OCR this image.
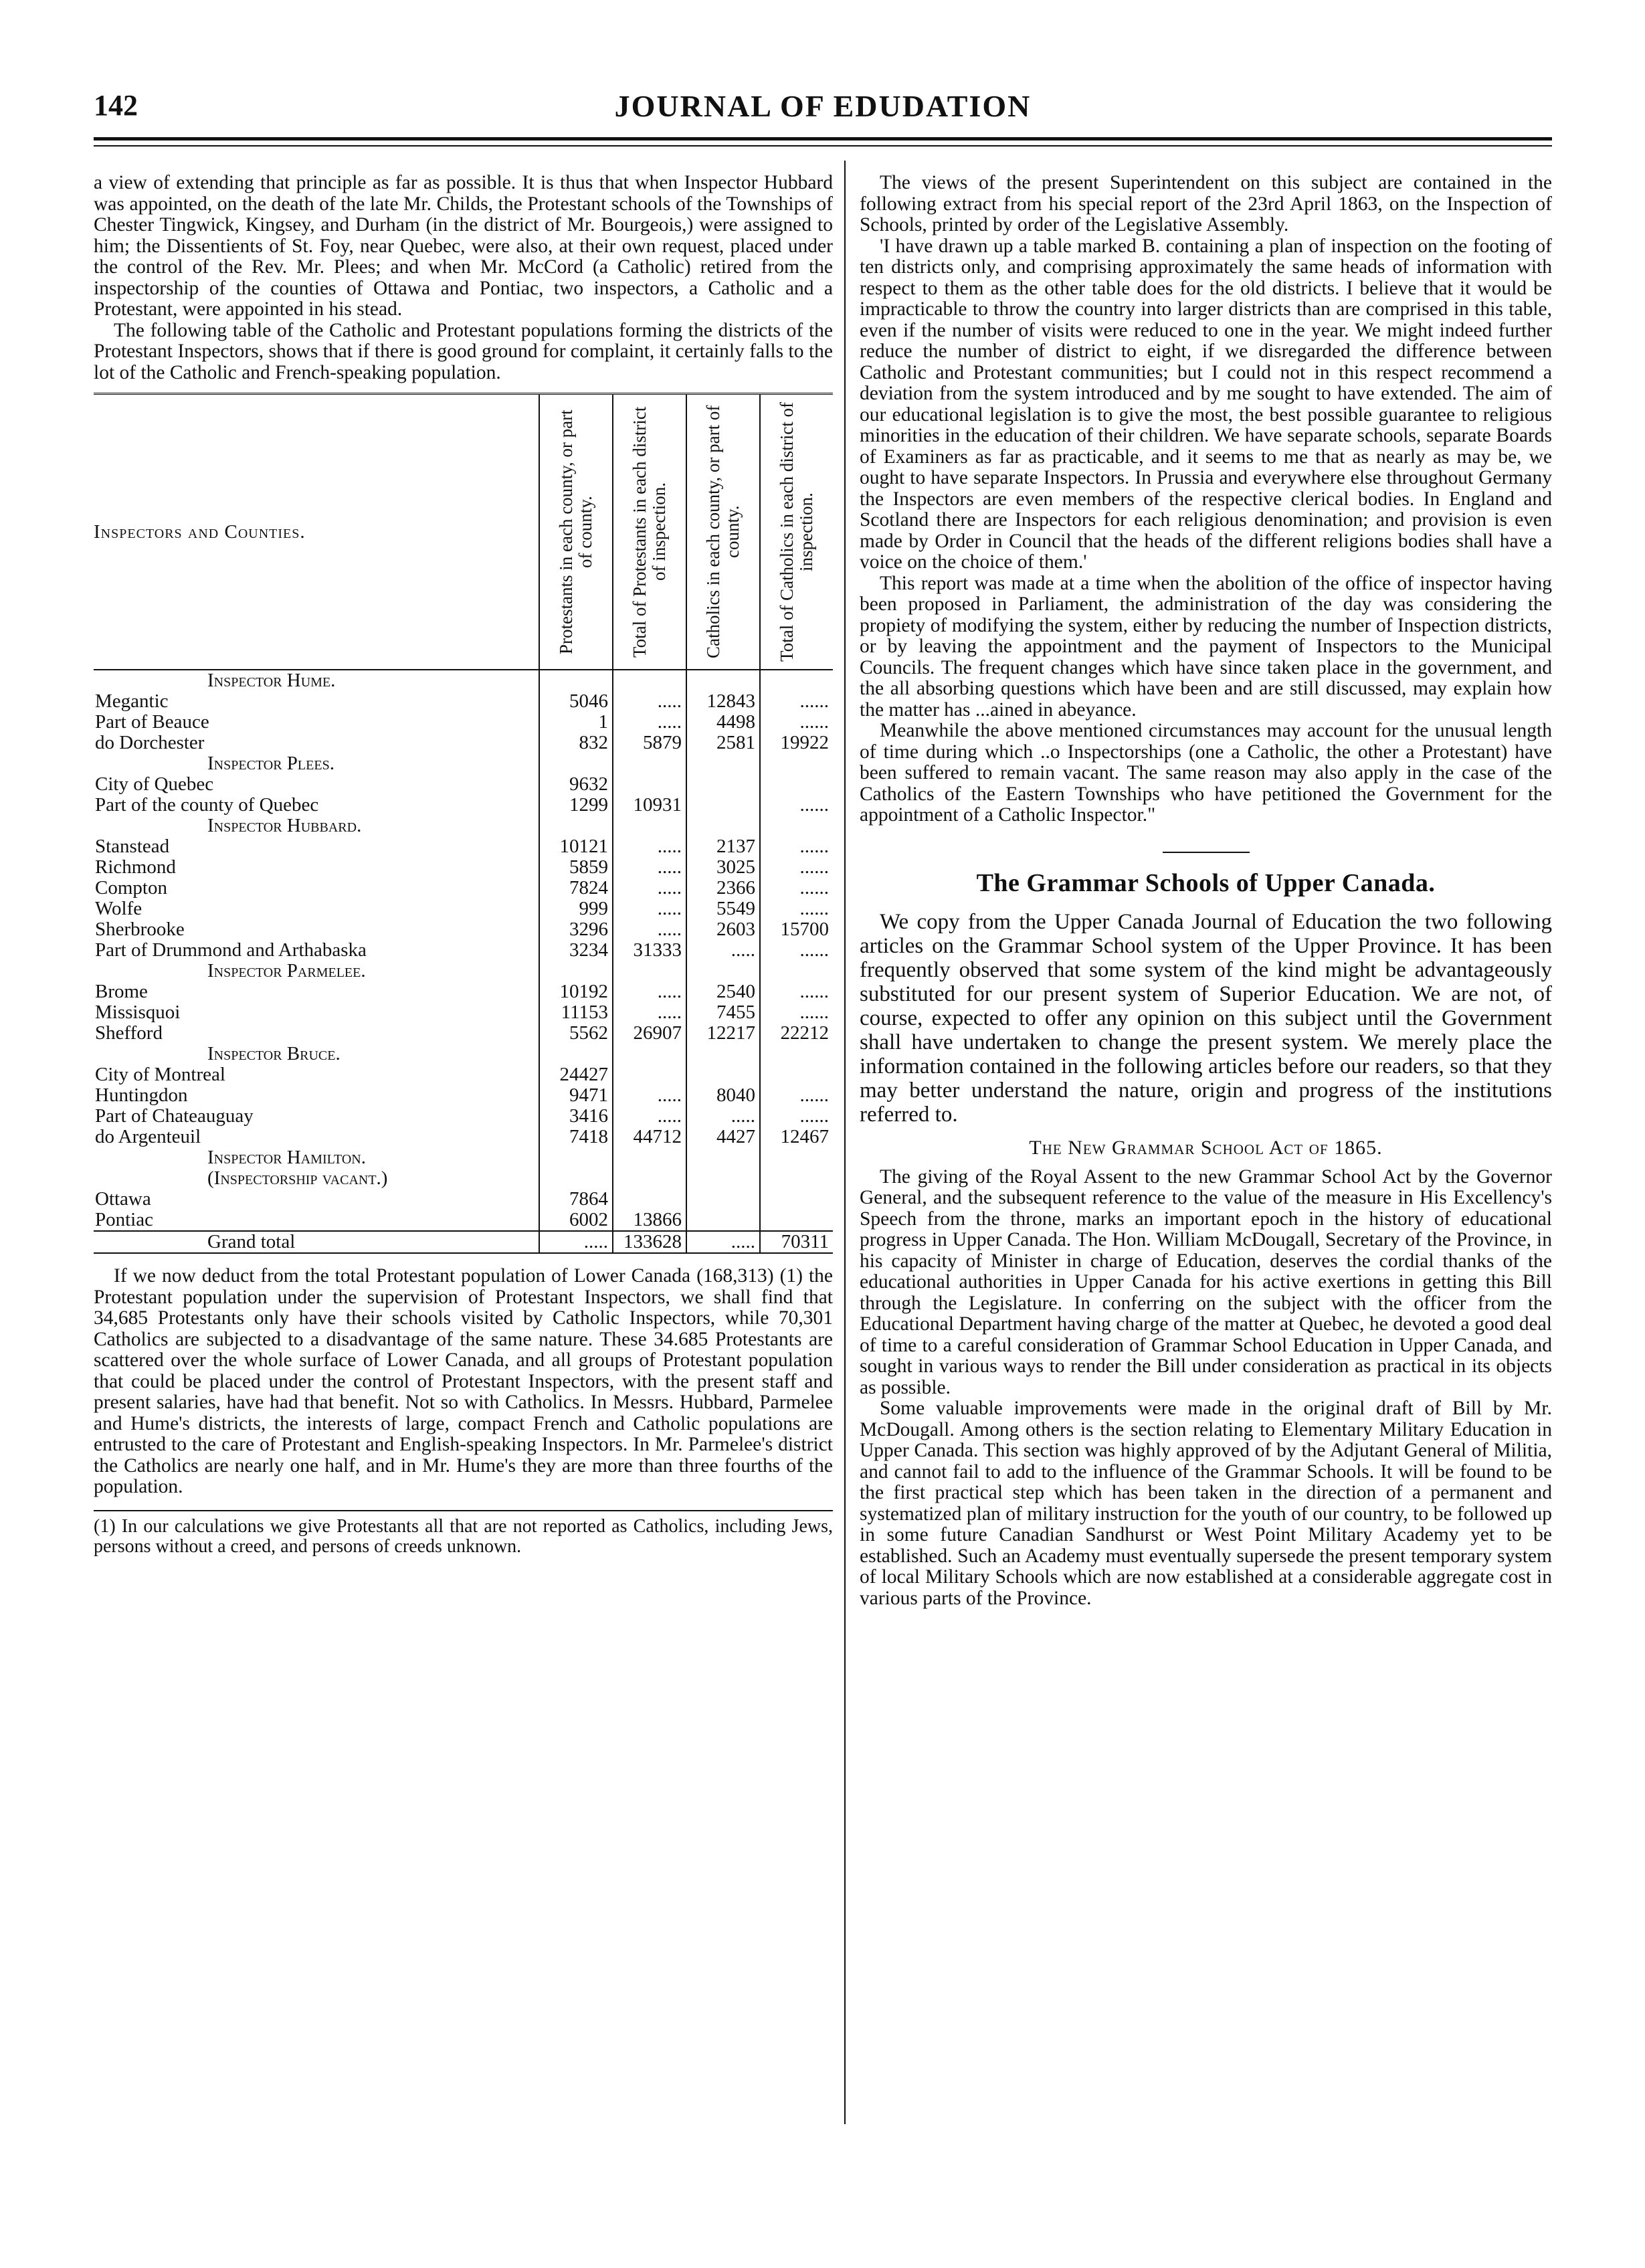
142	JOURNAL OF EDUDATION

a view of extending that principle as far as possible. It is thus that when Inspector Hubbard was appointed, on the death of the late Mr. Childs, the Protestant schools of the Townships of Chester Tingwick, Kingsey, and Durham (in the district of Mr. Bourgeois,) were assigned to him; the Dissentients of St. Foy, near Quebec, were also, at their own request, placed under the control of the Rev. Mr. Plees; and when Mr. McCord (a Catholic) retired from the inspectorship of the counties of Ottawa and Pontiac, two inspectors, a Catholic and a Protestant, were appointed in his stead.

The following table of the Catholic and Protestant populations forming the districts of the Protestant Inspectors, shows that if there is good ground for complaint, it certainly falls to the lot of the Catholic and French-speaking population.

Inspectors and Counties.	Protestants in each county, or part of county.	Total of Protestants in each district of inspection.	Catholics in each county, or part of county.	Total of Catholics in each district of inspection.

Inspector Hume.				
Megantic	5046	.....	12843	......
Part of Beauce	1	.....	4498	......
do Dorchester	832	5879	2581	19922
Inspector Plees.				
City of Quebec	9632			
Part of the county of Quebec	1299	10931		......
Inspector Hubbard.				
Stanstead	10121	.....	2137	......
Richmond	5859	.....	3025	......
Compton	7824	.....	2366	......
Wolfe	999	.....	5549	......
Sherbrooke	3296	.....	2603	15700
Part of Drummond and Arthabaska	3234	31333	.....	......
Inspector Parmelee.				
Brome	10192	.....	2540	......
Missisquoi	11153	.....	7455	......
Shefford	5562	26907	12217	22212
Inspector Bruce.				
City of Montreal	24427			
Huntingdon	9471	.....	8040	......
Part of Chateauguay	3416	.....	.....	......
do Argenteuil	7418	44712	4427	12467
Inspector Hamilton.				
(Inspectorship vacant.)				
Ottawa	7864			
Pontiac	6002	13866		
Grand total	.....	133628	.....	70311

If we now deduct from the total Protestant population of Lower Canada (168,313) (1) the Protestant population under the supervision of Protestant Inspectors, we shall find that 34,685 Protestants only have their schools visited by Catholic Inspectors, while 70,301 Catholics are subjected to a disadvantage of the same nature. These 34.685 Protestants are scattered over the whole surface of Lower Canada, and all groups of Protestant population that could be placed under the control of Protestant Inspectors, with the present staff and present salaries, have had that benefit. Not so with Catholics. In Messrs. Hubbard, Parmelee and Hume's districts, the interests of large, compact French and Catholic populations are entrusted to the care of Protestant and English-speaking Inspectors. In Mr. Parmelee's district the Catholics are nearly one half, and in Mr. Hume's they are more than three fourths of the population.

(1) In our calculations we give Protestants all that are not reported as Catholics, including Jews, persons without a creed, and persons of creeds unknown.

The views of the present Superintendent on this subject are contained in the following extract from his special report of the 23rd April 1863, on the Inspection of Schools, printed by order of the Legislative Assembly.

'I have drawn up a table marked B. containing a plan of inspection on the footing of ten districts only, and comprising approximately the same heads of information with respect to them as the other table does for the old districts. I believe that it would be impracticable to throw the country into larger districts than are comprised in this table, even if the number of visits were reduced to one in the year. We might indeed further reduce the number of district to eight, if we disregarded the difference between Catholic and Protestant communities; but I could not in this respect recommend a deviation from the system introduced and by me sought to have extended. The aim of our educational legislation is to give the most, the best possible guarantee to religious minorities in the education of their children. We have separate schools, separate Boards of Examiners as far as practicable, and it seems to me that as nearly as may be, we ought to have separate Inspectors. In Prussia and everywhere else throughout Germany the Inspectors are even members of the respective clerical bodies. In England and Scotland there are Inspectors for each religious denomination; and provision is even made by Order in Council that the heads of the different religions bodies shall have a voice on the choice of them.'

This report was made at a time when the abolition of the office of inspector having been proposed in Parliament, the administration of the day was considering the propiety of modifying the system, either by reducing the number of Inspection districts, or by leaving the appointment and the payment of Inspectors to the Municipal Councils. The frequent changes which have since taken place in the government, and the all absorbing questions which have been and are still discussed, may explain how the matter has ...ained in abeyance.

Meanwhile the above mentioned circumstances may account for the unusual length of time during which ..o Inspectorships (one a Catholic, the other a Protestant) have been suffered to remain vacant. The same reason may also apply in the case of the Catholics of the Eastern Townships who have petitioned the Government for the appointment of a Catholic Inspector."

The Grammar Schools of Upper Canada.

We copy from the Upper Canada Journal of Education the two following articles on the Grammar School system of the Upper Province. It has been frequently observed that some system of the kind might be advantageously substituted for our present system of Superior Education. We are not, of course, expected to offer any opinion on this subject until the Government shall have undertaken to change the present system. We merely place the information contained in the following articles before our readers, so that they may better understand the nature, origin and progress of the institutions referred to.

The New Grammar School Act of 1865.

The giving of the Royal Assent to the new Grammar School Act by the Governor General, and the subsequent reference to the value of the measure in His Excellency's Speech from the throne, marks an important epoch in the history of educational progress in Upper Canada. The Hon. William McDougall, Secretary of the Province, in his capacity of Minister in charge of Education, deserves the cordial thanks of the educational authorities in Upper Canada for his active exertions in getting this Bill through the Legislature. In conferring on the subject with the officer from the Educational Department having charge of the matter at Quebec, he devoted a good deal of time to a careful consideration of Grammar School Education in Upper Canada, and sought in various ways to render the Bill under consideration as practical in its objects as possible.

Some valuable improvements were made in the original draft of Bill by Mr. McDougall. Among others is the section relating to Elementary Military Education in Upper Canada. This section was highly approved of by the Adjutant General of Militia, and cannot fail to add to the influence of the Grammar Schools. It will be found to be the first practical step which has been taken in the direction of a permanent and systematized plan of military instruction for the youth of our country, to be followed up in some future Canadian Sandhurst or West Point Military Academy yet to be established. Such an Academy must eventually supersede the present temporary system of local Military Schools which are now established at a considerable aggregate cost in various parts of the Province.
